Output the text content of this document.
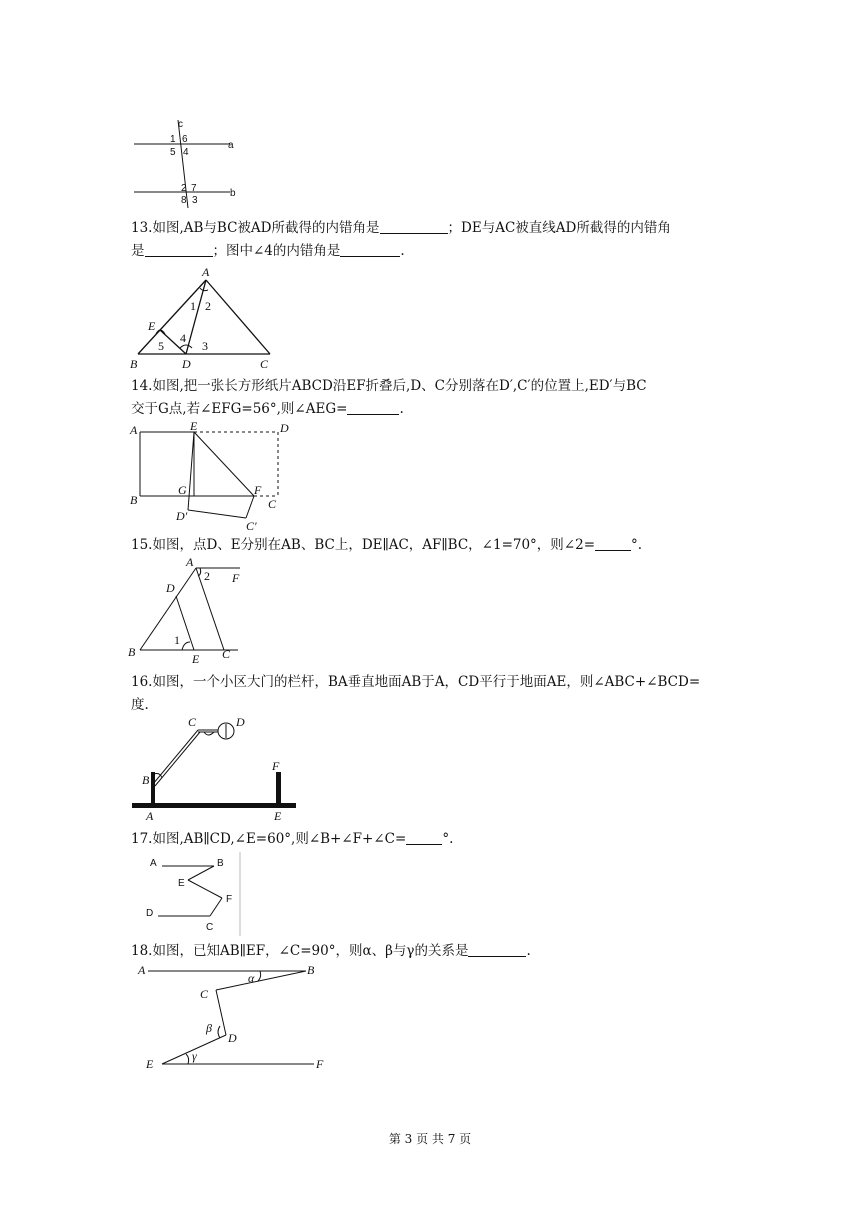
c
1 6
5 4
a
2 7
8 3
b
13.如图,AB与BC被AD所截得的内错角是	；DE与AC被直线AD所截得的内错角
是	；图中∠4的内错角是	.
A
1 2
E
4
5	3
B	D	C
14.如图,把一张长方形纸片ABCD沿EF折叠后,D、C分别落在D′,C′的位置上,ED′与BC
交于G点,若∠EFG=56°,则∠AEG=	.
A	E	D
B
G	F
C
D′
C′
15.如图，点D、E分别在AB、BC上，DE∥AC，AF∥BC，∠1=70°，则∠2=	°.
A
2 F
D
1
B	E C
16.如图，一个小区大门的栏杆，BA垂直地面AB于A，CD平行于地面AE，则∠ABC+∠BCD=
度.
C	D
B
F
A	E
17.如图,AB∥CD,∠E=60°,则∠B+∠F+∠C=	°.
A	B
E
F
D
C
18.如图，已知AB∥EF，∠C=90°，则α、β与γ的关系是	.
A
α
B
C
β
D
E
γ
F
第 3 页 共 7 页
